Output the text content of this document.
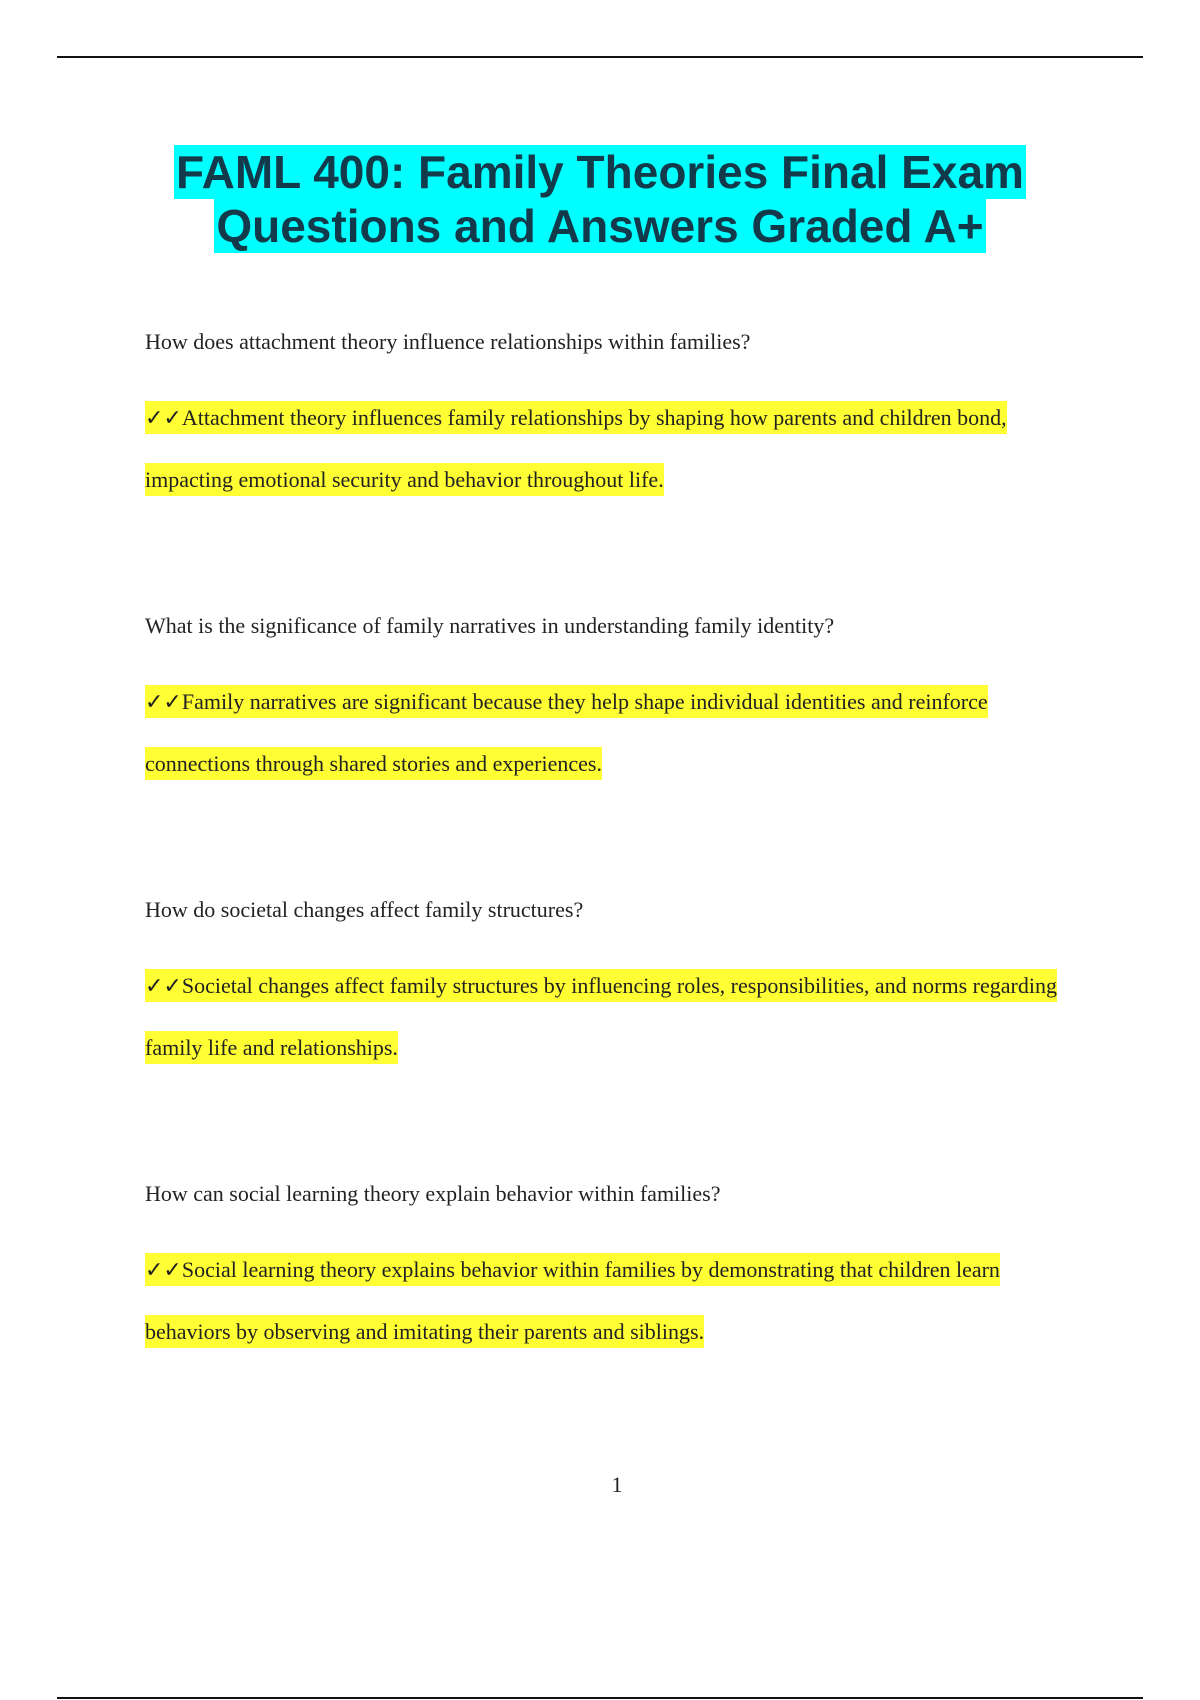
FAML 400: Family Theories Final Exam
Questions and Answers Graded A+

How does attachment theory influence relationships within families?

✓✓Attachment theory influences family relationships by shaping how parents and children bond, impacting emotional security and behavior throughout life.

What is the significance of family narratives in understanding family identity?

✓✓Family narratives are significant because they help shape individual identities and reinforce connections through shared stories and experiences.

How do societal changes affect family structures?

✓✓Societal changes affect family structures by influencing roles, responsibilities, and norms regarding family life and relationships.

How can social learning theory explain behavior within families?

✓✓Social learning theory explains behavior within families by demonstrating that children learn behaviors by observing and imitating their parents and siblings.

1
